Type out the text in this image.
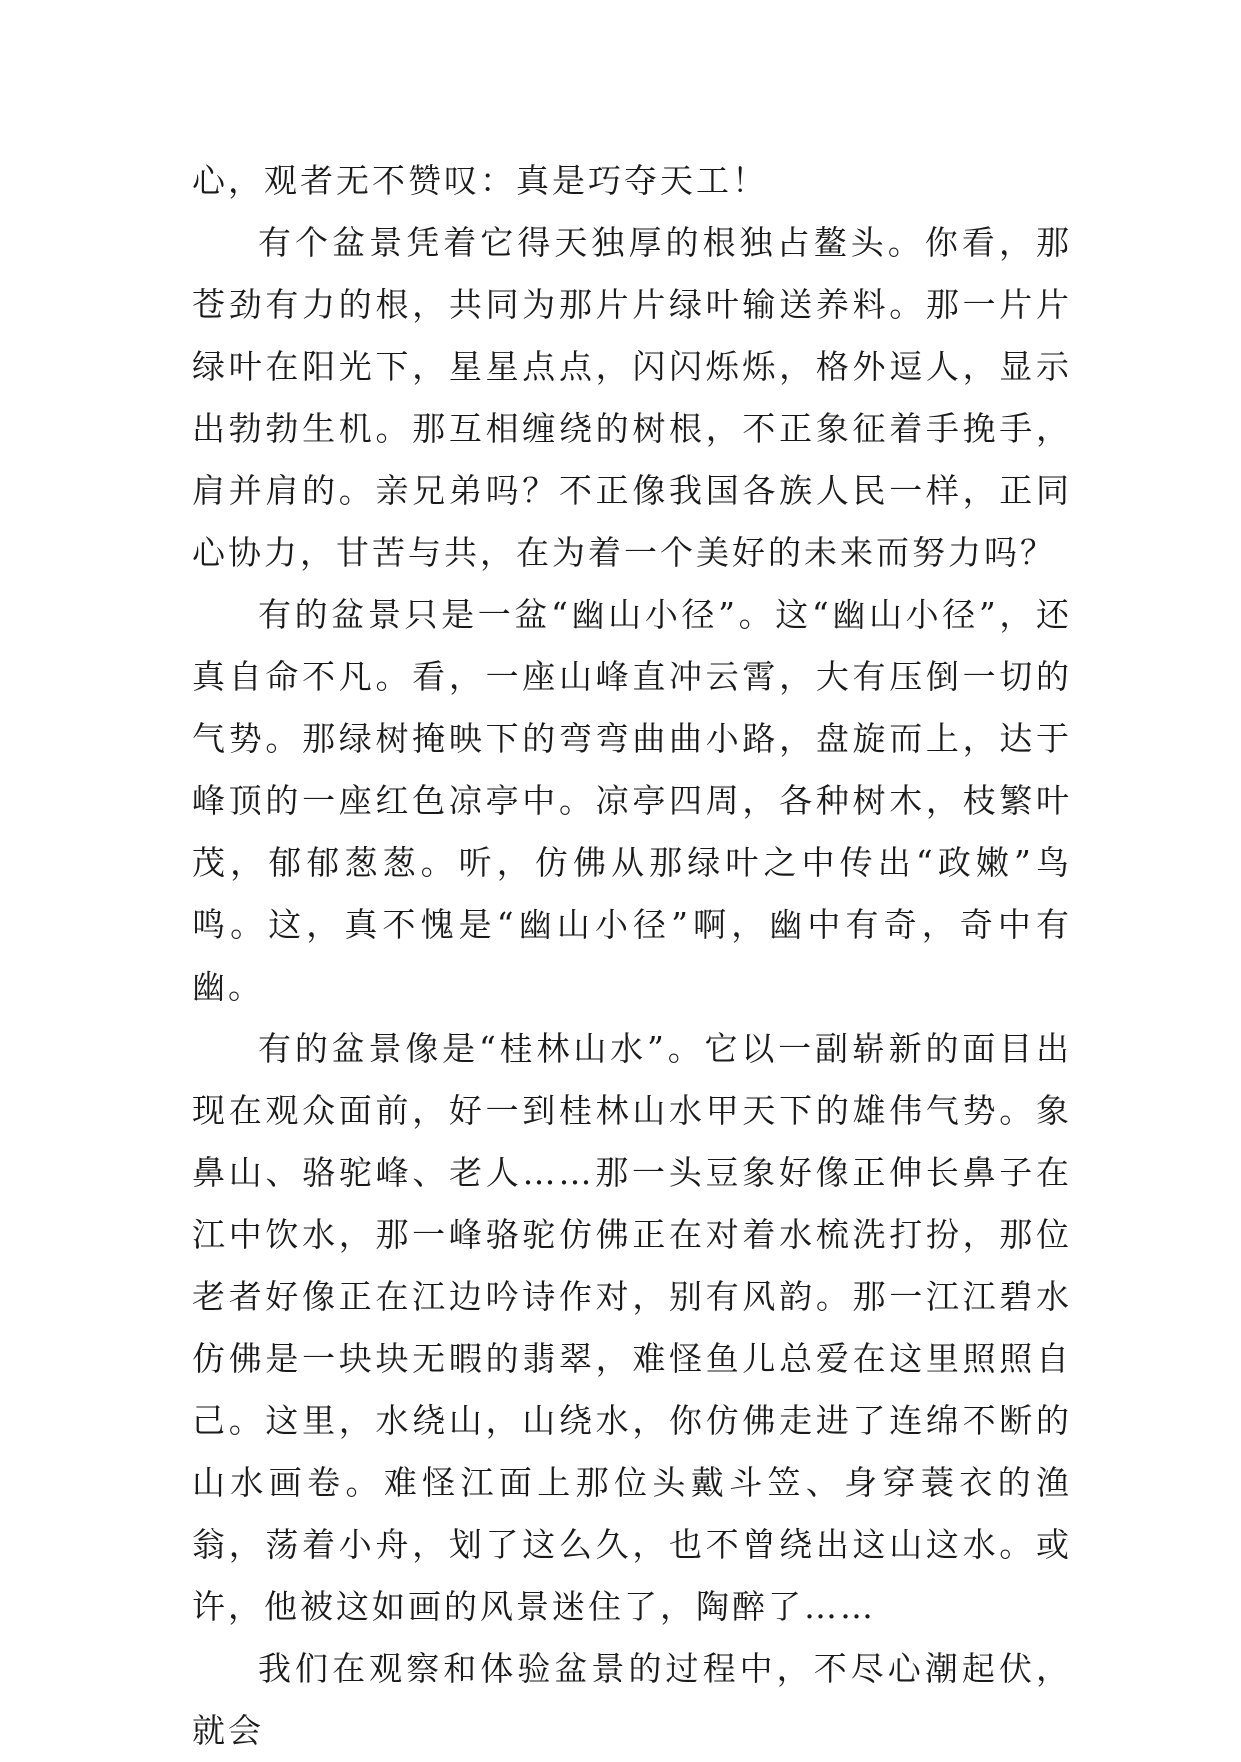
心，观者无不赞叹：真是巧夺天工！

有个盆景凭着它得天独厚的根独占鳌头。你看，那苍劲有力的根，共同为那片片绿叶输送养料。那一片片绿叶在阳光下，星星点点，闪闪烁烁，格外逗人，显示出勃勃生机。那互相缠绕的树根，不正象征着手挽手，肩并肩的。亲兄弟吗？不正像我国各族人民一样，正同心协力，甘苦与共，在为着一个美好的未来而努力吗？

有的盆景只是一盆“幽山小径”。这“幽山小径”，还真自命不凡。看，一座山峰直冲云霄，大有压倒一切的气势。那绿树掩映下的弯弯曲曲小路，盘旋而上，达于峰顶的一座红色凉亭中。凉亭四周，各种树木，枝繁叶茂，郁郁葱葱。听，仿佛从那绿叶之中传出“政嫩”鸟鸣。这，真不愧是“幽山小径”啊，幽中有奇，奇中有幽。

有的盆景像是“桂林山水”。它以一副崭新的面目出现在观众面前，好一到桂林山水甲天下的雄伟气势。象鼻山、骆驼峰、老人……那一头豆象好像正伸长鼻子在江中饮水，那一峰骆驼仿佛正在对着水梳洗打扮，那位老者好像正在江边吟诗作对，别有风韵。那一江江碧水仿佛是一块块无暇的翡翠，难怪鱼儿总爱在这里照照自己。这里，水绕山，山绕水，你仿佛走进了连绵不断的山水画卷。难怪江面上那位头戴斗笠、身穿蓑衣的渔翁，荡着小舟，划了这么久，也不曾绕出这山这水。或许，他被这如画的风景迷住了，陶醉了……

我们在观察和体验盆景的过程中，不尽心潮起伏，就会
